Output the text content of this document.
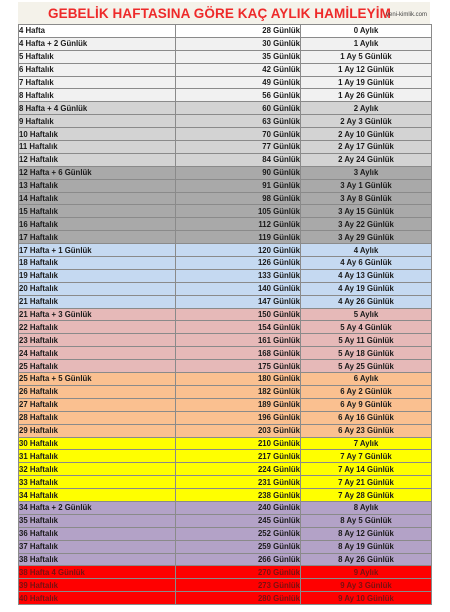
GEBELİK HAFTASINA GÖRE KAÇ AYLIK HAMİLEYİM
yeni-kimlik.com
4 Hafta	28 Günlük	0 Aylık
4 Hafta + 2 Günlük	30 Günlük	1 Aylık
5 Haftalık	35 Günlük	1 Ay 5 Günlük
6 Haftalık	42 Günlük	1 Ay 12 Günlük
7 Haftalık	49 Günlük	1 Ay 19 Günlük
8 Haftalık	56 Günlük	1 Ay 26 Günlük
8 Hafta + 4 Günlük	60 Günlük	2 Aylık
9 Haftalık	63 Günlük	2 Ay 3 Günlük
10 Haftalık	70 Günlük	2 Ay 10 Günlük
11 Haftalık	77 Günlük	2 Ay 17 Günlük
12 Haftalık	84 Günlük	2 Ay 24 Günlük
12 Hafta + 6 Günlük	90 Günlük	3 Aylık
13 Haftalık	91 Günlük	3 Ay 1 Günlük
14 Haftalık	98 Günlük	3 Ay 8 Günlük
15 Haftalık	105 Günlük	3 Ay 15 Günlük
16 Haftalık	112 Günlük	3 Ay 22 Günlük
17 Haftalık	119 Günlük	3 Ay 29 Günlük
17 Hafta + 1 Günlük	120 Günlük	4 Aylık
18 Haftalık	126 Günlük	4 Ay 6 Günlük
19 Haftalık	133 Günlük	4 Ay 13 Günlük
20 Haftalık	140 Günlük	4 Ay 19 Günlük
21 Haftalık	147 Günlük	4 Ay 26 Günlük
21 Hafta + 3 Günlük	150 Günlük	5 Aylık
22 Haftalık	154 Günlük	5 Ay 4 Günlük
23 Haftalık	161 Günlük	5 Ay 11 Günlük
24 Haftalık	168 Günlük	5 Ay 18 Günlük
25 Haftalık	175 Günlük	5 Ay 25 Günlük
25 Hafta + 5 Günlük	180 Günlük	6 Aylık
26 Haftalık	182 Günlük	6 Ay 2 Günlük
27 Haftalık	189 Günlük	6 Ay 9 Günlük
28 Haftalık	196 Günlük	6 Ay 16 Günlük
29 Haftalık	203 Günlük	6 Ay 23 Günlük
30 Haftalık	210 Günlük	7 Aylık
31 Haftalık	217 Günlük	7 Ay 7 Günlük
32 Haftalık	224 Günlük	7 Ay 14 Günlük
33 Haftalık	231 Günlük	7 Ay 21 Günlük
34 Haftalık	238 Günlük	7 Ay 28 Günlük
34 Hafta + 2 Günlük	240 Günlük	8 Aylık
35 Haftalık	245 Günlük	8 Ay 5 Günlük
36 Haftalık	252 Günlük	8 Ay 12 Günlük
37 Haftalık	259 Günlük	8 Ay 19 Günlük
38 Haftalık	266 Günlük	8 Ay 26 Günlük
38 Hafta 4 Günlük	270 Günlük	9 Aylık
39 Haftalık	273 Günlük	9 Ay 3 Günlük
40 Haftalık	280 Günlük	9 Ay 10 Günlük
